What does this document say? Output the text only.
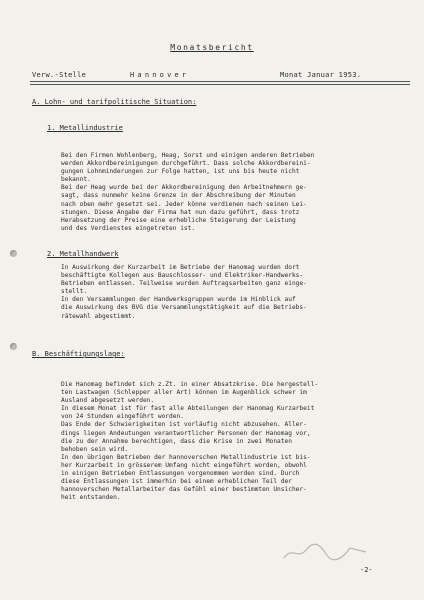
Monatsbericht
Verw.-Stelle	Hannover	Monat Januar 1953.
A. Lohn- und tarifpolitische Situation:
1. Metallindustrie
Bei den Firmen Wohlenberg, Heag, Sorst und einigen anderen Betrieben
werden Akkordbereinigungen durchgeführt. Dass solche Akkordbereini-
gungen Lohnminderungen zur Folge hatten, ist uns bis heute nicht
bekannt.
Bei der Heag wurde bei der Akkordbereinigung den Arbeitnehmern ge-
sagt, dass nunmehr keine Grenze in der Abschreibung der Minuten
nach oben mehr gesetzt sei. Jeder könne verdienen nach seinen Lei-
stungen. Diese Angabe der Firma hat nun dazu geführt, dass trotz
Herabsetzung der Preise eine erhebliche Steigerung der Leistung
und des Verdienstes eingetreten ist.
2. Metallhandwerk
In Auswirkung der Kurzarbeit im Betriebe der Hanomag wurden dort
beschäftigte Kollegen aus Bauschlosser- und Elektriker-Handwerks-
Betrieben entlassen. Teilweise wurden Auftragsarbeiten ganz einge-
stellt.
In den Versammlungen der Handwerksgruppen wurde im Hinblick auf
die Auswirkung des BVG die Versammlungstätigkeit auf die Betriebs-
rätewahl abgestimmt.
B. Beschäftigungslage:
Die Hanomag befindet sich z.Zt. in einer Absatzkrise. Die hergestell-
ten Lastwagen (Schlepper aller Art) können im Augenblick schwer im
Ausland abgesetzt werden.
In diesem Monat ist für fast alle Abteilungen der Hanomag Kurzarbeit
von 24 Stunden eingeführt worden.
Das Ende der Schwierigkeiten ist vorläufig nicht abzusehen. Aller-
dings liegen Andeutungen verantwortlicher Personen der Hanomag vor,
die zu der Annahme berechtigen, dass die Krise in zwei Monaten
behoben sein wird.
In den übrigen Betrieben der hannoverschen Metallindustrie ist bis-
her Kurzarbeit in grösserem Umfang nicht eingeführt worden, obwohl
in einigen Betrieben Entlassungen vorgenommen worden sind. Durch
diese Entlassungen ist immerhin bei einem erheblichen Teil der
hannoverschen Metallarbeiter das Gefühl einer bestimmten Unsicher-
heit entstanden.
-2-
